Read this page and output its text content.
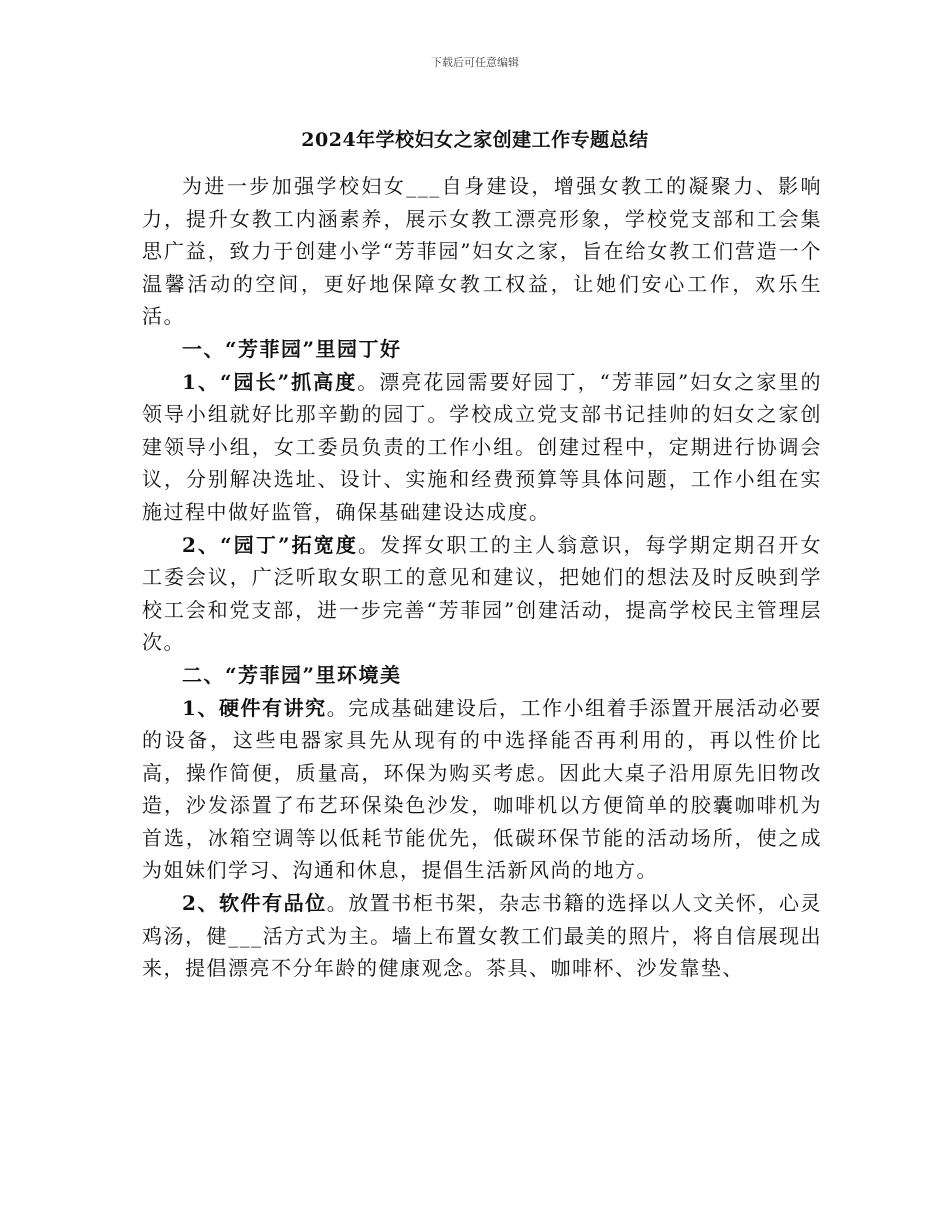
下载后可任意编辑
2024年学校妇女之家创建工作专题总结

为进一步加强学校妇女___自身建设，增强女教工的凝聚力、影响力，提升女教工内涵素养，展示女教工漂亮形象，学校党支部和工会集思广益，致力于创建小学“芳菲园”妇女之家，旨在给女教工们营造一个温馨活动的空间，更好地保障女教工权益，让她们安心工作，欢乐生活。

一、“芳菲园”里园丁好

1、“园长”抓高度。漂亮花园需要好园丁，“芳菲园”妇女之家里的领导小组就好比那辛勤的园丁。学校成立党支部书记挂帅的妇女之家创建领导小组，女工委员负责的工作小组。创建过程中，定期进行协调会议，分别解决选址、设计、实施和经费预算等具体问题，工作小组在实施过程中做好监管，确保基础建设达成度。

2、“园丁”拓宽度。发挥女职工的主人翁意识，每学期定期召开女工委会议，广泛听取女职工的意见和建议，把她们的想法及时反映到学校工会和党支部，进一步完善“芳菲园”创建活动，提高学校民主管理层次。

二、“芳菲园”里环境美

1、硬件有讲究。完成基础建设后，工作小组着手添置开展活动必要的设备，这些电器家具先从现有的中选择能否再利用的，再以性价比高，操作简便，质量高，环保为购买考虑。因此大桌子沿用原先旧物改造，沙发添置了布艺环保染色沙发，咖啡机以方便简单的胶囊咖啡机为首选，冰箱空调等以低耗节能优先，低碳环保节能的活动场所，使之成为姐妹们学习、沟通和休息，提倡生活新风尚的地方。

2、软件有品位。放置书柜书架，杂志书籍的选择以人文关怀，心灵鸡汤，健___活方式为主。墙上布置女教工们最美的照片，将自信展现出来，提倡漂亮不分年龄的健康观念。茶具、咖啡杯、沙发靠垫、
